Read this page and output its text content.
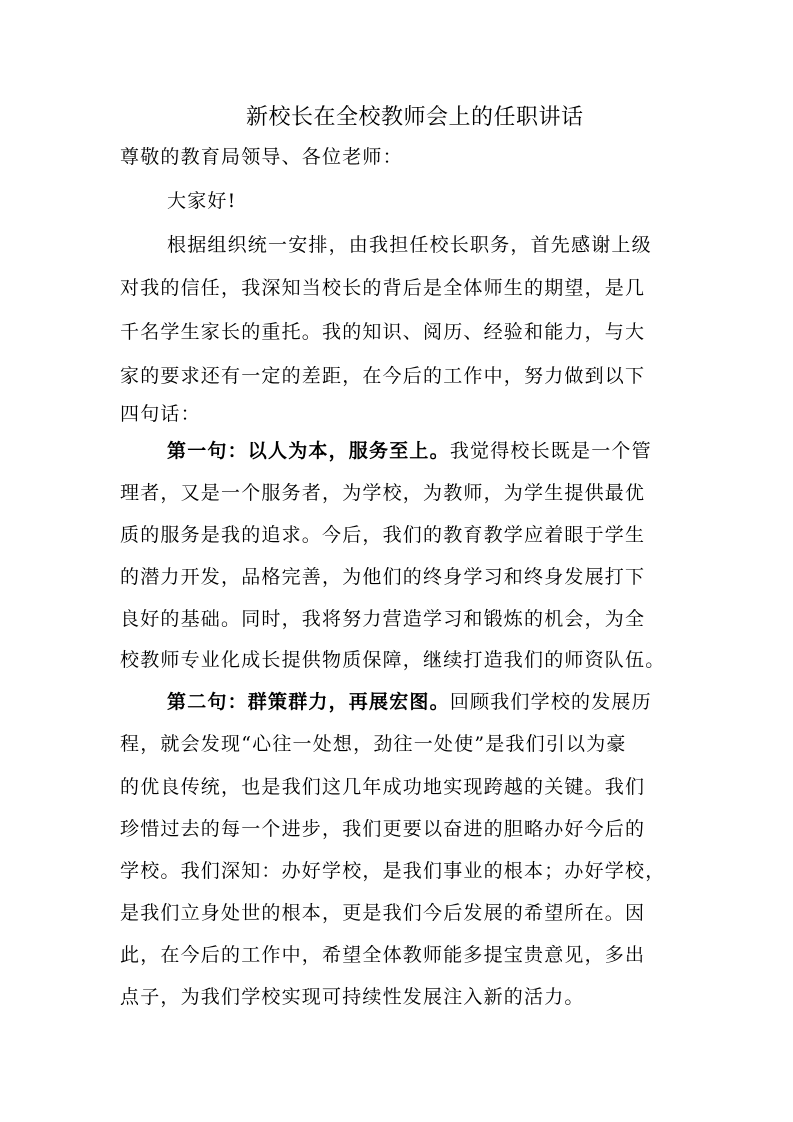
新校长在全校教师会上的任职讲话
尊敬的教育局领导、各位老师：
大家好!
根据组织统一安排，由我担任校长职务，首先感谢上级
对我的信任，我深知当校长的背后是全体师生的期望，是几
千名学生家长的重托。我的知识、阅历、经验和能力，与大
家的要求还有一定的差距，在今后的工作中，努力做到以下
四句话：
第一句：以人为本，服务至上。我觉得校长既是一个管
理者，又是一个服务者，为学校，为教师，为学生提供最优
质的服务是我的追求。今后，我们的教育教学应着眼于学生
的潜力开发，品格完善，为他们的终身学习和终身发展打下
良好的基础。同时，我将努力营造学习和锻炼的机会，为全
校教师专业化成长提供物质保障，继续打造我们的师资队伍。
第二句：群策群力，再展宏图。回顾我们学校的发展历
程，就会发现“心往一处想，劲往一处使”是我们引以为豪
的优良传统，也是我们这几年成功地实现跨越的关键。我们
珍惜过去的每一个进步，我们更要以奋进的胆略办好今后的
学校。我们深知：办好学校，是我们事业的根本；办好学校，
是我们立身处世的根本，更是我们今后发展的希望所在。因
此，在今后的工作中，希望全体教师能多提宝贵意见，多出
点子，为我们学校实现可持续性发展注入新的活力。
